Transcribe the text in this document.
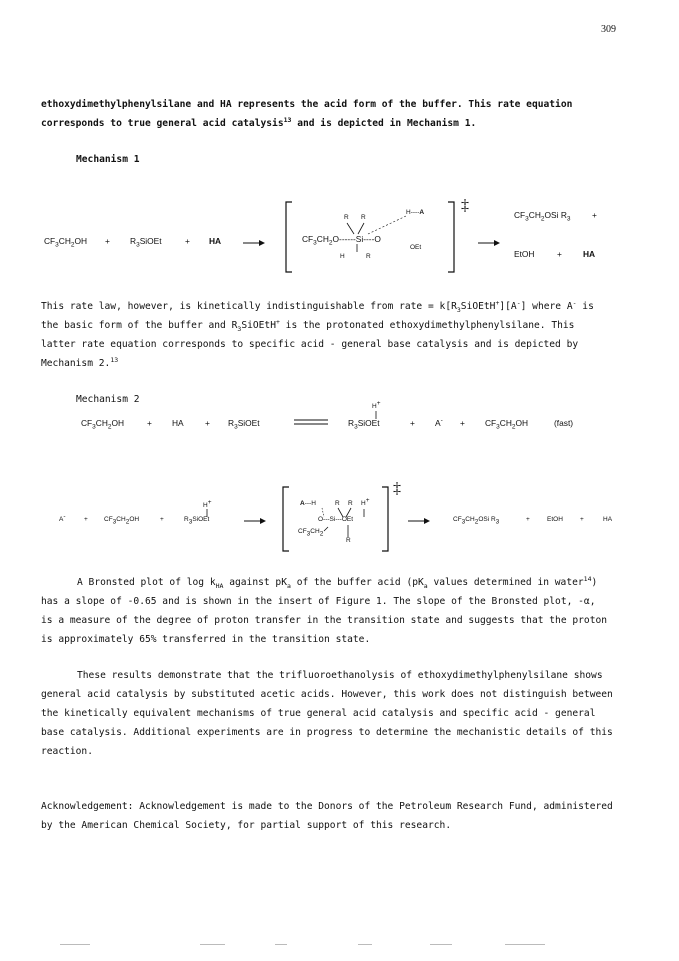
309
ethoxydimethylphenylsilane and HA represents the acid form of the buffer. This rate equation
corresponds to true general acid catalysis$^{13}$ and is depicted in Mechanism 1.
Mechanism 1
$CF_3CH_2OH$ + $R_3SiOEt$	+ HA
‡
R R
H----A
$CF_3CH_2O------Si----O$
OEt
H	R
$CF_3CH_2OSi$ $R_3$	+
EtOH	+	HA
This rate law, however, is kinetically indistinguishable from rate = $k[R_3SiOEtH^+][A^-]$ where A- is
the basic form of the buffer and $R_3SiOEtH^+$ is the protonated ethoxydimethylphenylsilane. This
latter rate equation corresponds to specific acid - general base catalysis and is depicted by
Mechanism 2.13
Mechanism 2
$CF_3CH_2OH$	+ HA	+ $R_3SiOEt$
H+
$R_3SiOEt$	+ $A^- + CF_3CH_2OH$	(fast)
A-	+ $CF_3CH_2OH$	+
H+
$R_3SiOEt$
‡
A---H	R R H+
O---Si---OEt
$CF_3CH_2$
R
$CF_3CH_2OSi$ $R_3$	+	EtOH	+	HA
A Bronsted plot of $\log k_{HA}$ against $pK_a$ of the buffer acid ($pK_a$ values determined in water$^{14}$)
has a slope of -0.65 and is shown in the insert of Figure 1. The slope of the Bronsted plot, -α,
is a measure of the degree of proton transfer in the transition state and suggests that the proton
is approximately 65% transferred in the transition state.
These results demonstrate that the trifluoroethanolysis of ethoxydimethylphenylsilane shows
general acid catalysis by substituted acetic acids. However, this work does not distinguish between
the kinetically equivalent mechanisms of true general acid catalysis and specific acid - general
base catalysis. Additional experiments are in progress to determine the mechanistic details of this
reaction.
Acknowledgement: Acknowledgement is made to the Donors of the Petroleum Research Fund, administered
by the American Chemical Society, for partial support of this research.
